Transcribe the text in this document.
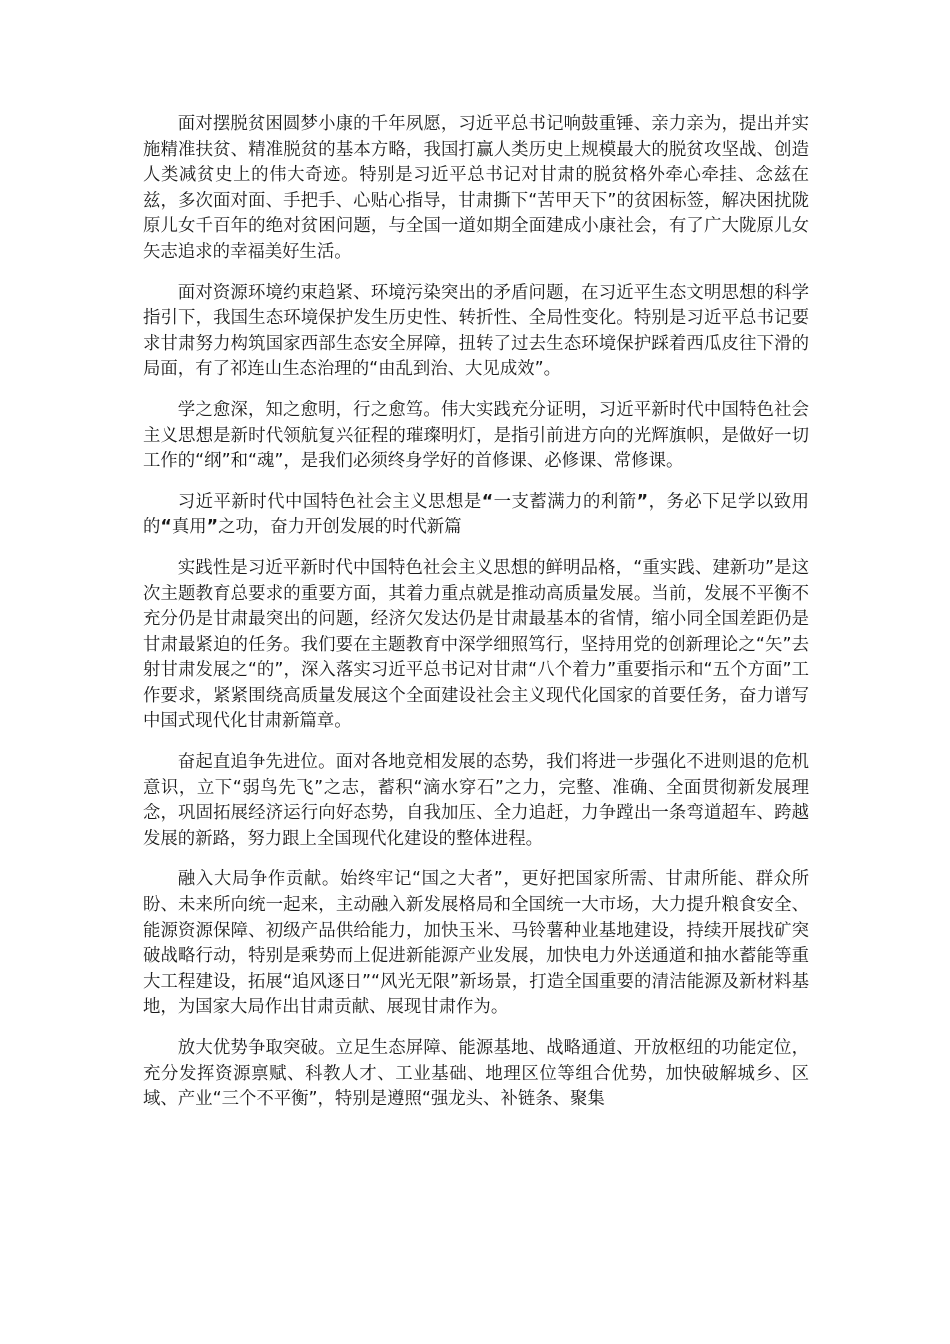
面对摆脱贫困圆梦小康的千年夙愿，习近平总书记响鼓重锤、亲力亲为，提出并实施精准扶贫、精准脱贫的基本方略，我国打赢人类历史上规模最大的脱贫攻坚战、创造人类减贫史上的伟大奇迹。特别是习近平总书记对甘肃的脱贫格外牵心牵挂、念兹在兹，多次面对面、手把手、心贴心指导，甘肃撕下“苦甲天下”的贫困标签，解决困扰陇原儿女千百年的绝对贫困问题，与全国一道如期全面建成小康社会，有了广大陇原儿女矢志追求的幸福美好生活。

面对资源环境约束趋紧、环境污染突出的矛盾问题，在习近平生态文明思想的科学指引下，我国生态环境保护发生历史性、转折性、全局性变化。特别是习近平总书记要求甘肃努力构筑国家西部生态安全屏障，扭转了过去生态环境保护踩着西瓜皮往下滑的局面，有了祁连山生态治理的“由乱到治、大见成效”。

学之愈深，知之愈明，行之愈笃。伟大实践充分证明，习近平新时代中国特色社会主义思想是新时代领航复兴征程的璀璨明灯，是指引前进方向的光辉旗帜，是做好一切工作的“纲”和“魂”，是我们必须终身学好的首修课、必修课、常修课。

习近平新时代中国特色社会主义思想是“一支蓄满力的利箭”，务必下足学以致用的“真用”之功，奋力开创发展的时代新篇

实践性是习近平新时代中国特色社会主义思想的鲜明品格，“重实践、建新功”是这次主题教育总要求的重要方面，其着力重点就是推动高质量发展。当前，发展不平衡不充分仍是甘肃最突出的问题，经济欠发达仍是甘肃最基本的省情，缩小同全国差距仍是甘肃最紧迫的任务。我们要在主题教育中深学细照笃行，坚持用党的创新理论之“矢”去射甘肃发展之“的”，深入落实习近平总书记对甘肃“八个着力”重要指示和“五个方面”工作要求，紧紧围绕高质量发展这个全面建设社会主义现代化国家的首要任务，奋力谱写中国式现代化甘肃新篇章。

奋起直追争先进位。面对各地竞相发展的态势，我们将进一步强化不进则退的危机意识，立下“弱鸟先飞”之志，蓄积“滴水穿石”之力，完整、准确、全面贯彻新发展理念，巩固拓展经济运行向好态势，自我加压、全力追赶，力争蹚出一条弯道超车、跨越发展的新路，努力跟上全国现代化建设的整体进程。

融入大局争作贡献。始终牢记“国之大者”，更好把国家所需、甘肃所能、群众所盼、未来所向统一起来，主动融入新发展格局和全国统一大市场，大力提升粮食安全、能源资源保障、初级产品供给能力，加快玉米、马铃薯种业基地建设，持续开展找矿突破战略行动，特别是乘势而上促进新能源产业发展，加快电力外送通道和抽水蓄能等重大工程建设，拓展“追风逐日”“风光无限”新场景，打造全国重要的清洁能源及新材料基地，为国家大局作出甘肃贡献、展现甘肃作为。

放大优势争取突破。立足生态屏障、能源基地、战略通道、开放枢纽的功能定位，充分发挥资源禀赋、科教人才、工业基础、地理区位等组合优势，加快破解城乡、区域、产业“三个不平衡”，特别是遵照“强龙头、补链条、聚集
